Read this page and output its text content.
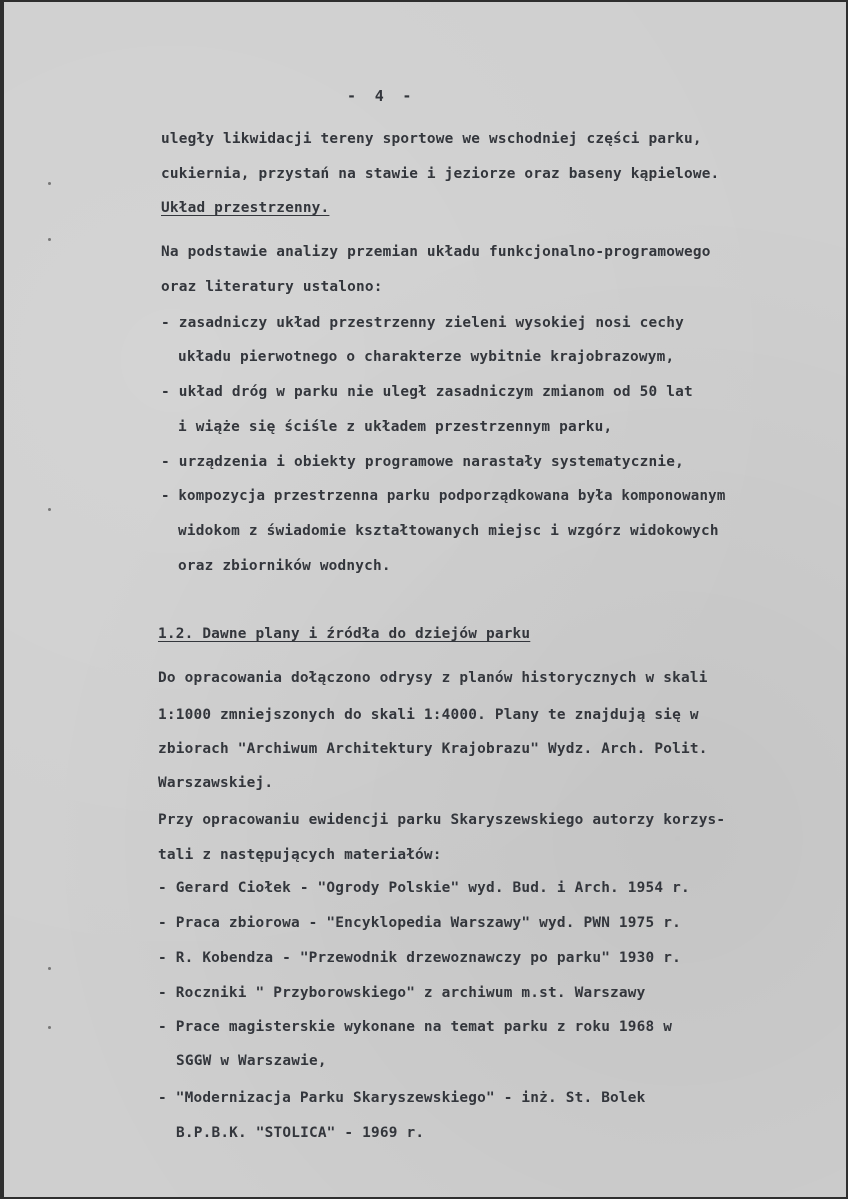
-  4  -
uległy likwidacji tereny sportowe we wschodniej części parku,
cukiernia, przystań na stawie i jeziorze oraz baseny kąpielowe.
Układ przestrzenny.
Na podstawie analizy przemian układu funkcjonalno-programowego
oraz literatury ustalono:
- zasadniczy układ przestrzenny zieleni wysokiej nosi cechy
układu pierwotnego o charakterze wybitnie krajobrazowym,
- układ dróg w parku nie uległ zasadniczym zmianom od 50 lat
i wiąże się ściśle z układem przestrzennym parku,
- urządzenia i obiekty programowe narastały systematycznie,
- kompozycja przestrzenna parku podporządkowana była komponowanym
widokom z świadomie kształtowanych miejsc i wzgórz widokowych
oraz zbiorników wodnych.
1.2. Dawne plany i źródła do dziejów parku
Do opracowania dołączono odrysy z planów historycznych w skali
1:1000 zmniejszonych do skali 1:4000. Plany te znajdują się w
zbiorach "Archiwum Architektury Krajobrazu" Wydz. Arch. Polit.
Warszawskiej.
Przy opracowaniu ewidencji parku Skaryszewskiego autorzy korzys-
tali z następujących materiałów:
- Gerard Ciołek - "Ogrody Polskie" wyd. Bud. i Arch. 1954 r.
- Praca zbiorowa - "Encyklopedia Warszawy" wyd. PWN 1975 r.
- R. Kobendza - "Przewodnik drzewoznawczy po parku" 1930 r.
- Roczniki " Przyborowskiego" z archiwum m.st. Warszawy
- Prace magisterskie wykonane na temat parku z roku 1968 w
SGGW w Warszawie,
- "Modernizacja Parku Skaryszewskiego" - inż. St. Bolek
B.P.B.K. "STOLICA" - 1969 r.
